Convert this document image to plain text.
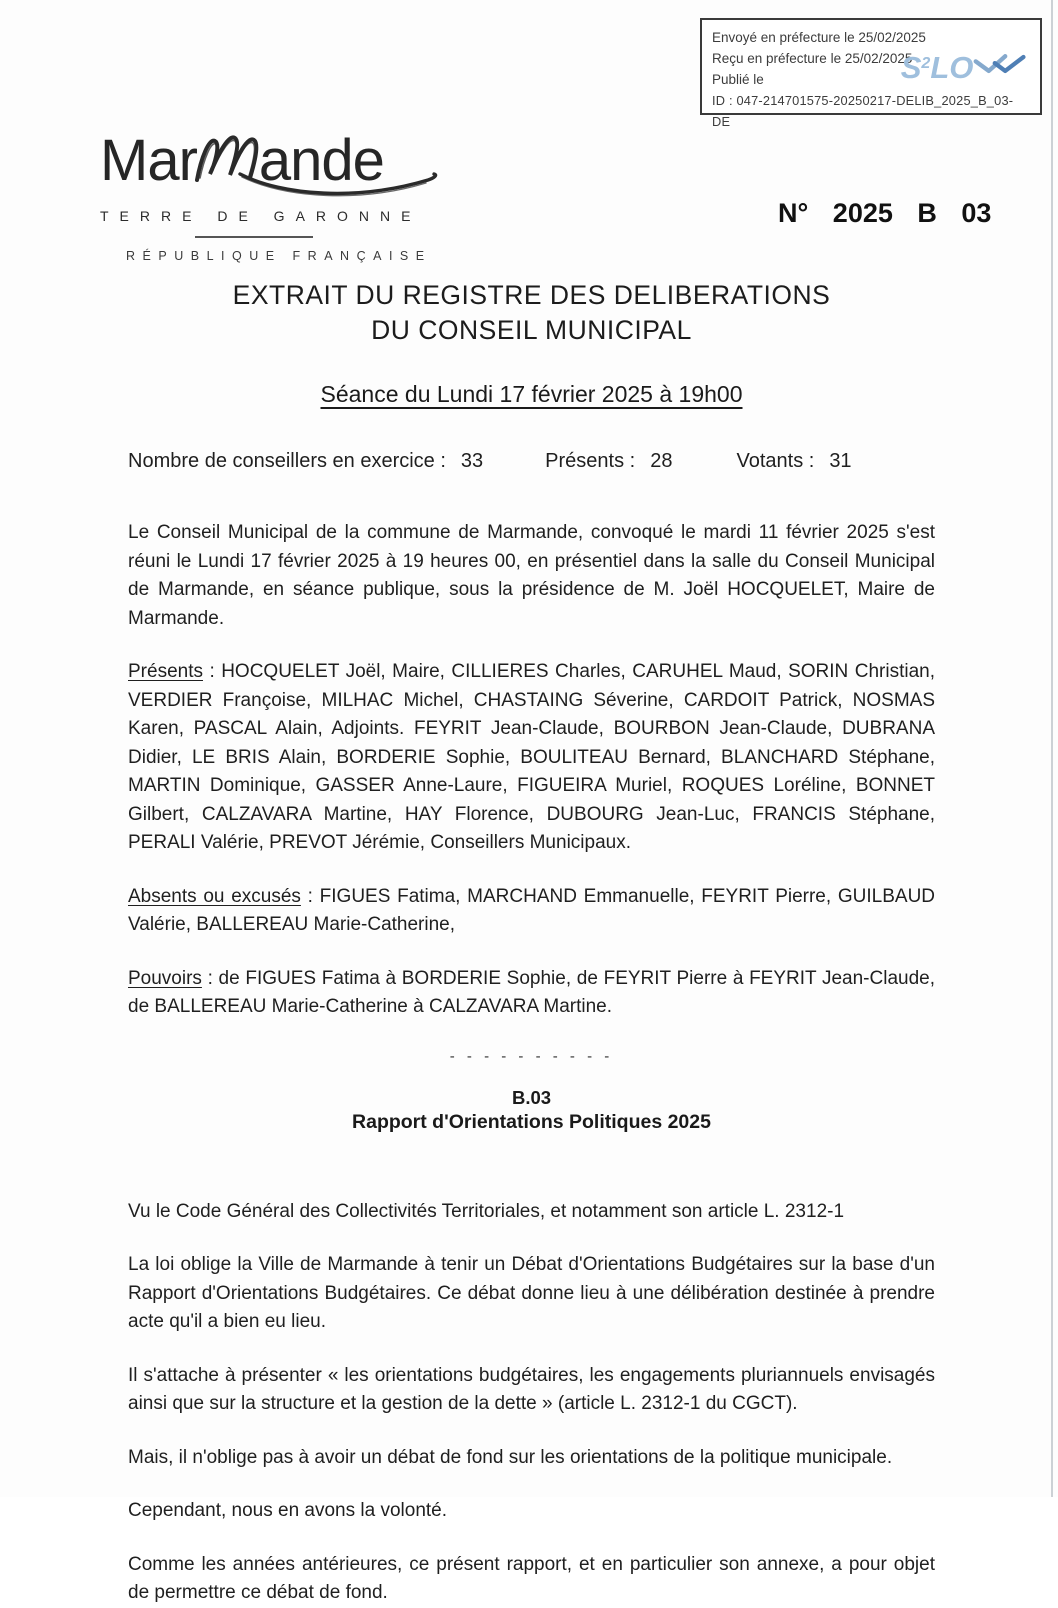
Envoyé en préfecture le 25/02/2025
Reçu en préfecture le 25/02/2025
Publié le
ID : 047-214701575-20250217-DELIB_2025_B_03-DE
$S^2LO$
Mar ande
TERRE DE GARONNE
RÉPUBLIQUE FRANÇAISE
N° 2025 B 03
EXTRAIT DU REGISTRE DES DELIBERATIONS
DU CONSEIL MUNICIPAL
Séance du Lundi 17 février 2025 à 19h00
Nombre de conseillers en exercice : 33	Présents : 28	Votants : 31

Le Conseil Municipal de la commune de Marmande, convoqué le mardi 11 février 2025 s'est réuni le Lundi 17 février 2025 à 19 heures 00, en présentiel dans la salle du Conseil Municipal de Marmande, en séance publique, sous la présidence de M. Joël HOCQUELET, Maire de Marmande.

Présents : HOCQUELET Joël, Maire, CILLIERES Charles, CARUHEL Maud, SORIN Christian, VERDIER Françoise, MILHAC Michel, CHASTAING Séverine, CARDOIT Patrick, NOSMAS Karen, PASCAL Alain, Adjoints. FEYRIT Jean-Claude, BOURBON Jean-Claude, DUBRANA Didier, LE BRIS Alain, BORDERIE Sophie, BOULITEAU Bernard, BLANCHARD Stéphane, MARTIN Dominique, GASSER Anne-Laure, FIGUEIRA Muriel, ROQUES Loréline, BONNET Gilbert, CALZAVARA Martine, HAY Florence, DUBOURG Jean-Luc, FRANCIS Stéphane, PERALI Valérie, PREVOT Jérémie, Conseillers Municipaux.

Absents ou excusés : FIGUES Fatima, MARCHAND Emmanuelle, FEYRIT Pierre, GUILBAUD Valérie, BALLEREAU Marie-Catherine,

Pouvoirs : de FIGUES Fatima à BORDERIE Sophie, de FEYRIT Pierre à FEYRIT Jean-Claude, de BALLEREAU Marie-Catherine à CALZAVARA Martine.

- - - - - - - - - -
B.03
Rapport d'Orientations Politiques 2025

Vu le Code Général des Collectivités Territoriales, et notamment son article L. 2312-1

La loi oblige la Ville de Marmande à tenir un Débat d'Orientations Budgétaires sur la base d'un Rapport d'Orientations Budgétaires. Ce débat donne lieu à une délibération destinée à prendre acte qu'il a bien eu lieu.

Il s'attache à présenter « les orientations budgétaires, les engagements pluriannuels envisagés ainsi que sur la structure et la gestion de la dette » (article L. 2312-1 du CGCT).

Mais, il n'oblige pas à avoir un débat de fond sur les orientations de la politique municipale.

Cependant, nous en avons la volonté.

Comme les années antérieures, ce présent rapport, et en particulier son annexe, a pour objet de permettre ce débat de fond.
